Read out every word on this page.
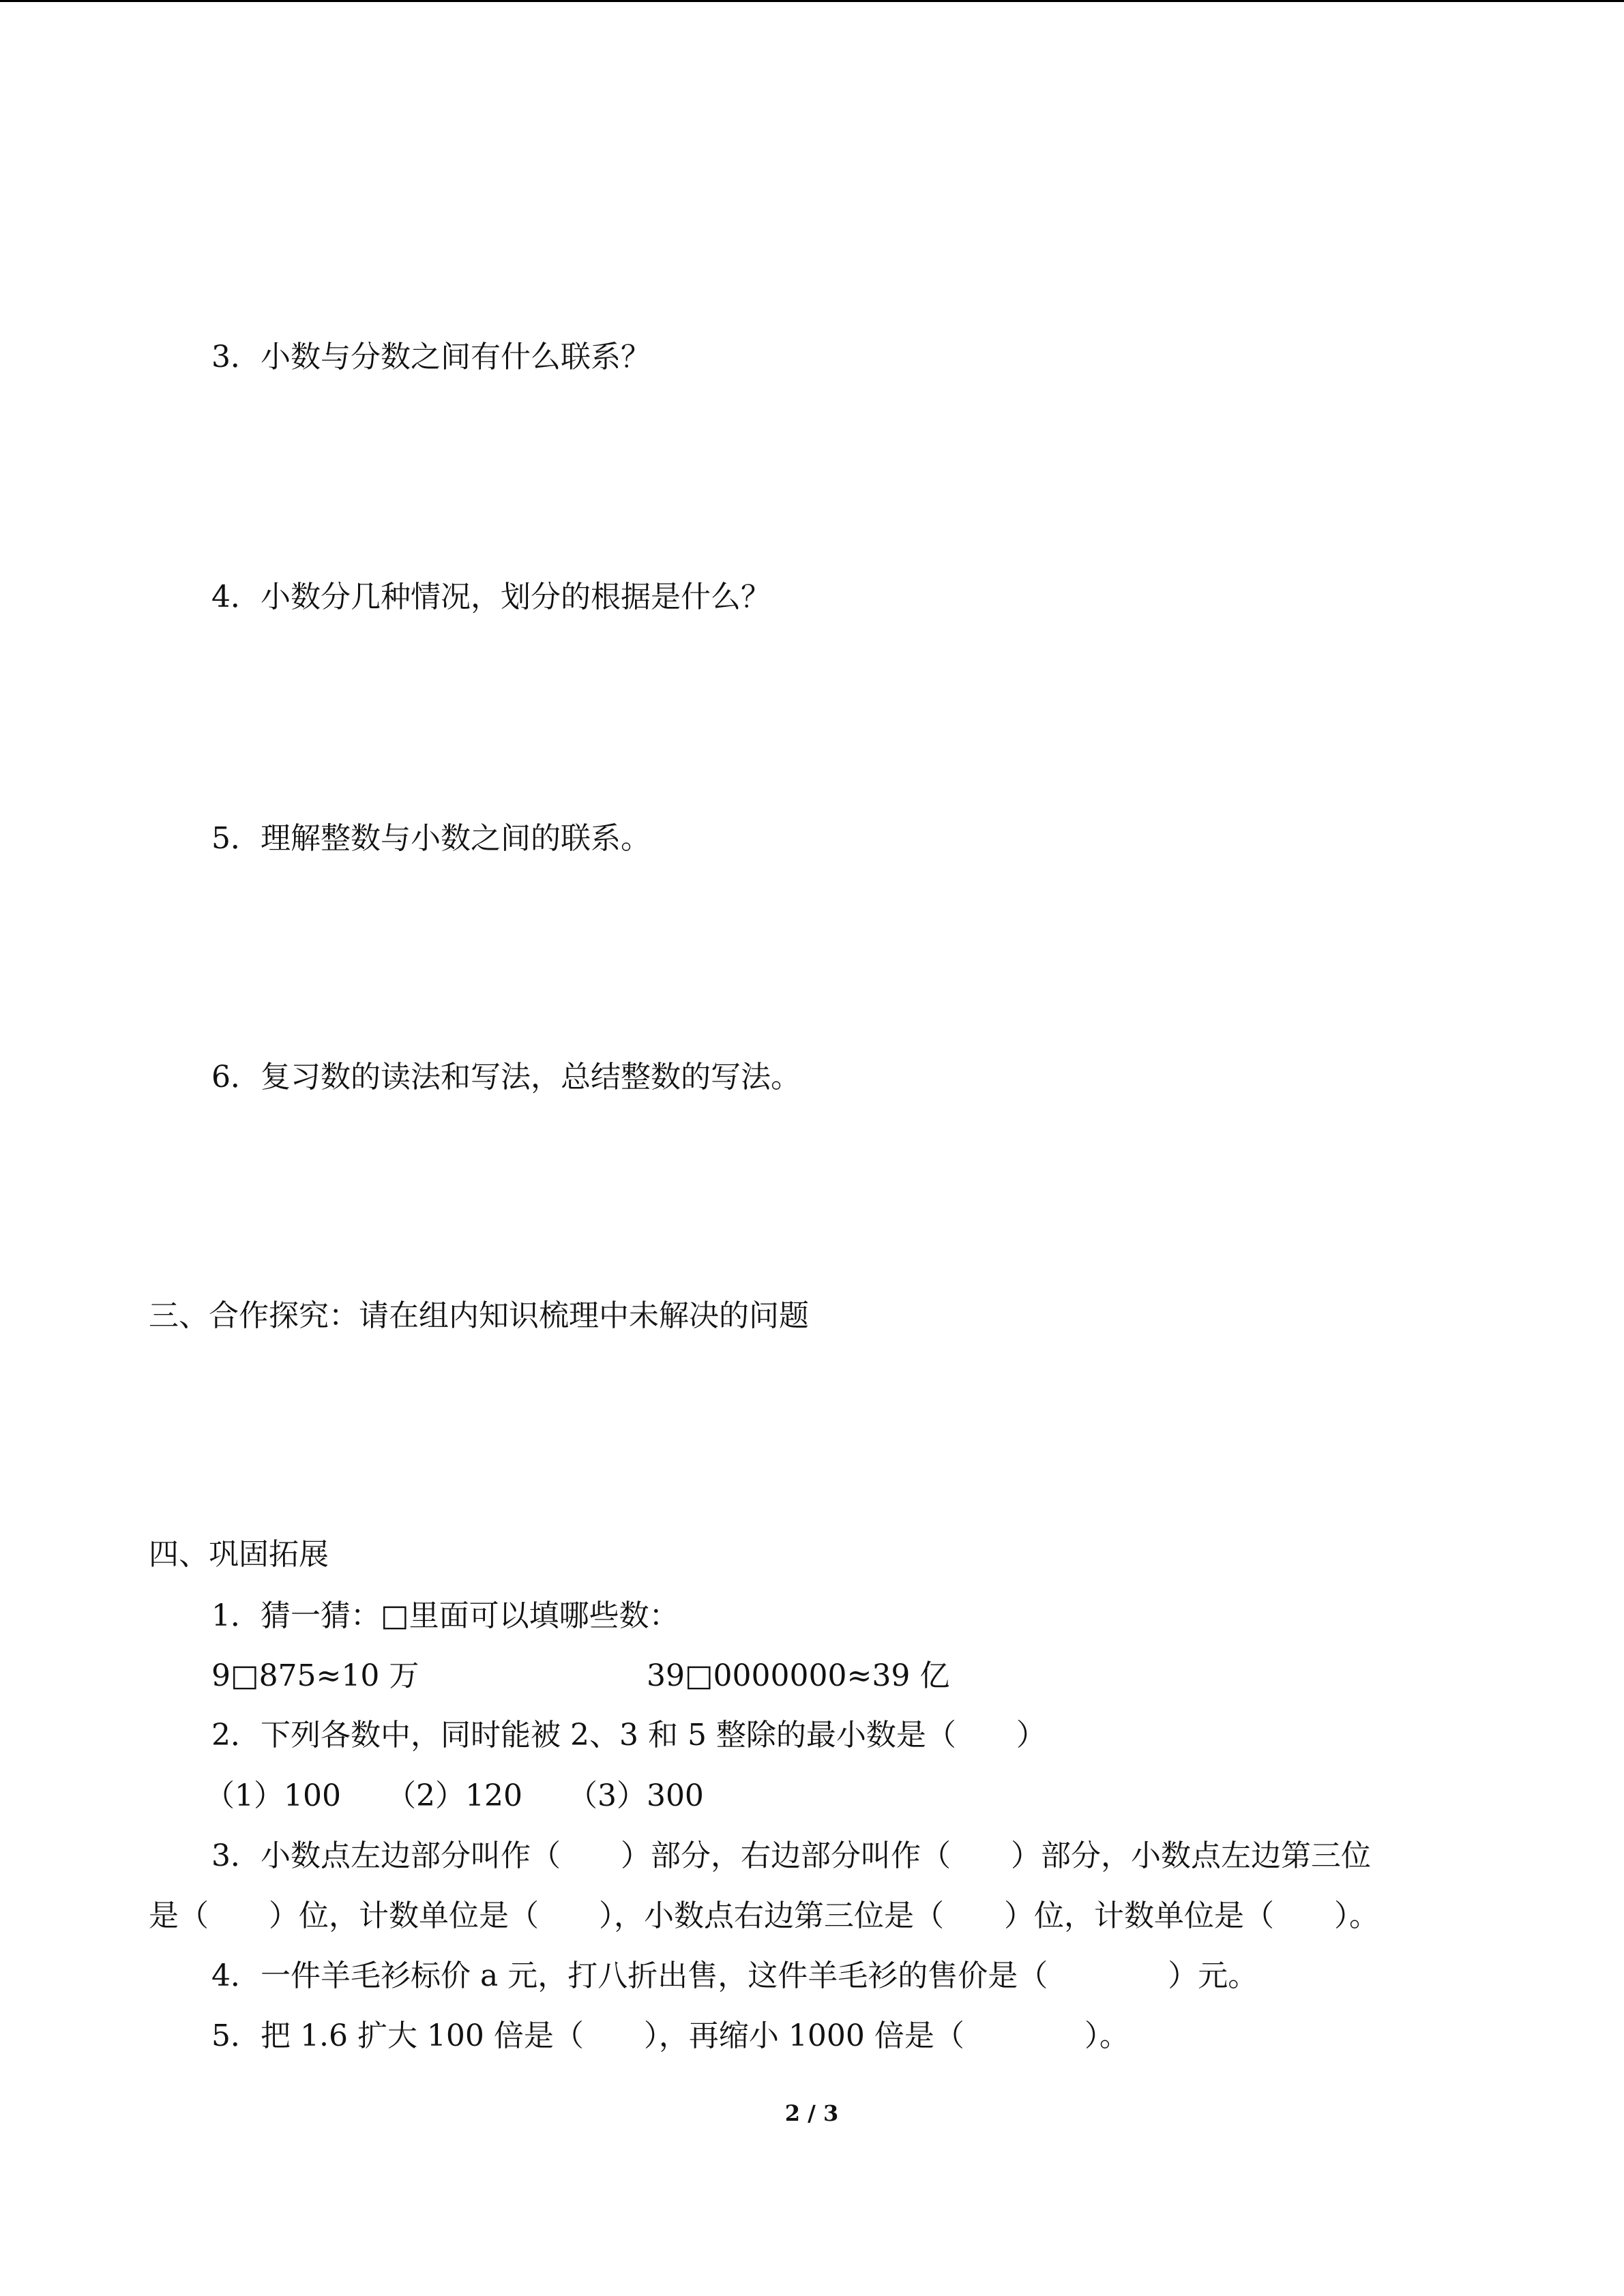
3．小数与分数之间有什么联系？
4．小数分几种情况，划分的根据是什么？
5．理解整数与小数之间的联系。
6．复习数的读法和写法，总结整数的写法。
三、合作探究：请在组内知识梳理中未解决的问题
四、巩固拓展
1．猜一猜：□里面可以填哪些数：
9□875≈10 万	39□0000000≈39 亿
2．下列各数中，同时能被 2、3 和 5 整除的最小数是（　　）
（1）100　　（2）120　　（3）300
3．小数点左边部分叫作（　　）部分，右边部分叫作（　　）部分，小数点左边第三位
是（　　）位，计数单位是（　　），小数点右边第三位是（　　）位，计数单位是（　　）。
4．一件羊毛衫标价 a 元，打八折出售，这件羊毛衫的售价是（　　　　）元。
5．把 1.6 扩大 100 倍是（　　），再缩小 1000 倍是（　　　　）。
2 / 3
